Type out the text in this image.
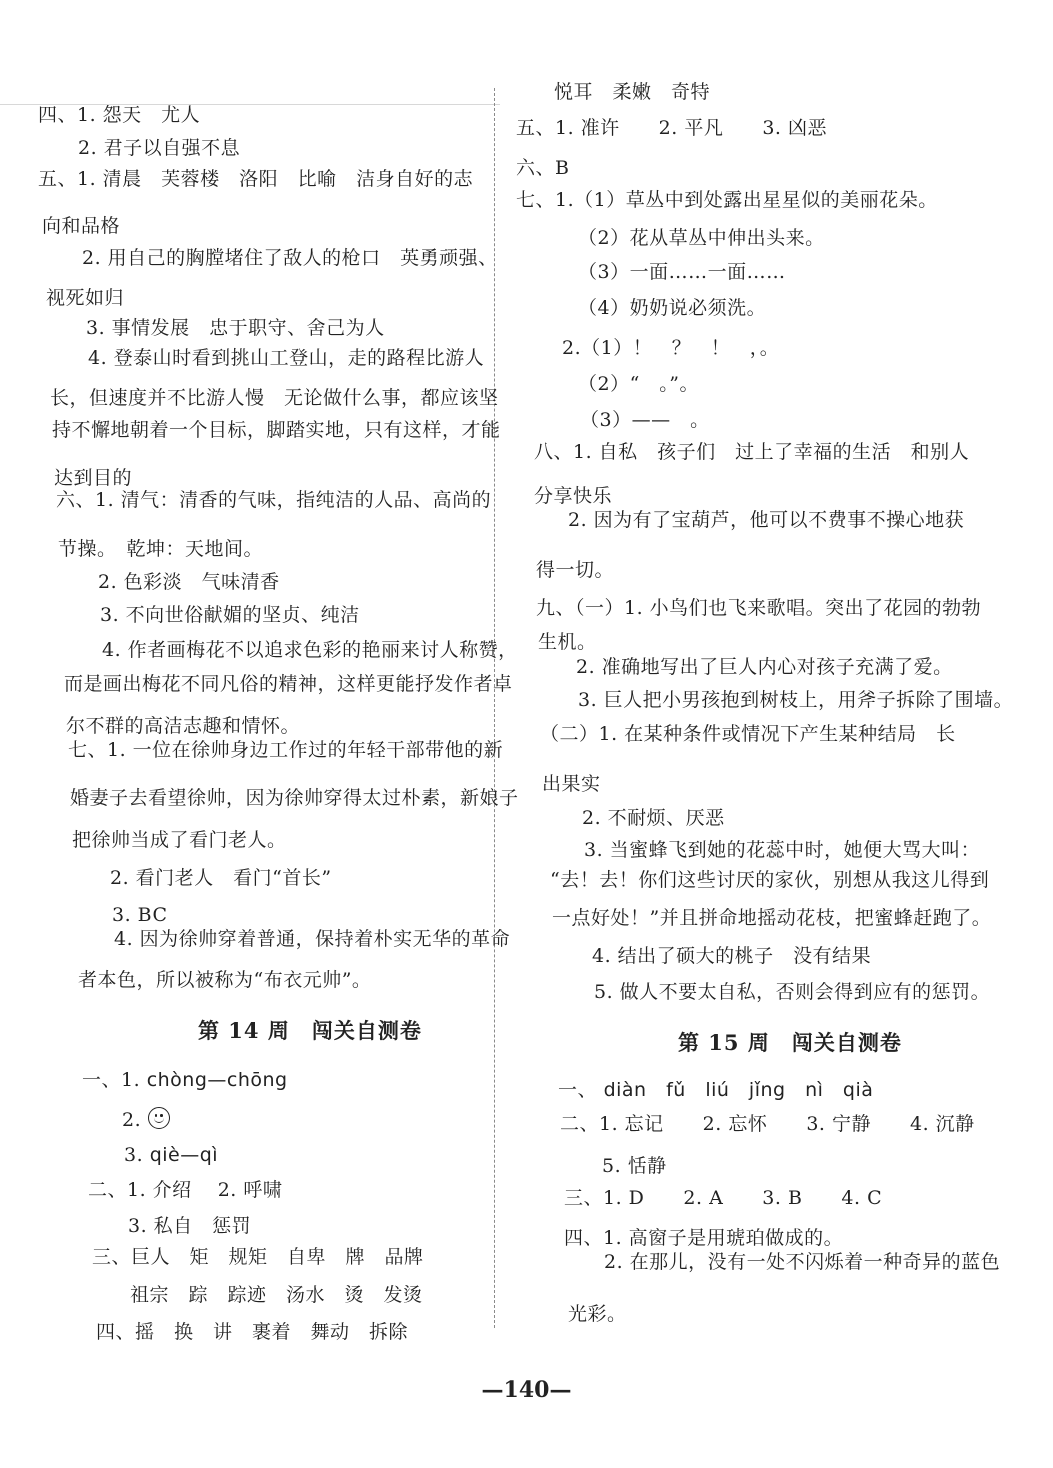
四、1. 怨天　尤人
2. 君子以自强不息
五、1. 清晨　芙蓉楼　洛阳　比喻　洁身自好的志
向和品格
2. 用自己的胸膛堵住了敌人的枪口　英勇顽强、
视死如归
3. 事情发展　忠于职守、舍己为人
4. 登泰山时看到挑山工登山，走的路程比游人
长，但速度并不比游人慢　无论做什么事，都应该坚
持不懈地朝着一个目标，脚踏实地，只有这样，才能
达到目的
六、1. 清气：清香的气味，指纯洁的人品、高尚的
节操。　乾坤：天地间。
2. 色彩淡　气味清香
3. 不向世俗献媚的坚贞、纯洁
4. 作者画梅花不以追求色彩的艳丽来讨人称赞，
而是画出梅花不同凡俗的精神，这样更能抒发作者卓
尔不群的高洁志趣和情怀。
七、1. 一位在徐帅身边工作过的年轻干部带他的新
婚妻子去看望徐帅，因为徐帅穿得太过朴素，新娘子
把徐帅当成了看门老人。
2. 看门老人　看门“首长”
3. BC
4. 因为徐帅穿着普通，保持着朴实无华的革命
者本色，所以被称为“布衣元帅”。
第 14 周　闯关自测卷
一、1. chòng—chōng
2.
3. qiè—qì
二、1. 介绍　 2. 呼啸
3. 私自　惩罚
三、巨人　矩　规矩　自卑　牌　品牌
祖宗　踪　踪迹　汤水　烫　发烫
四、摇　换　讲　裹着　舞动　拆除
悦耳　柔嫩　奇特
五、1. 准许　　2. 平凡　　3. 凶恶
六、B
七、1.（1）草丛中到处露出星星似的美丽花朵。
（2）花从草丛中伸出头来。
（3）一面……一面……
（4）奶奶说必须洗。
2.（1）！　？　！　，。
（2）“　。”。
（3）——　。
八、1. 自私　孩子们　过上了幸福的生活　和别人
分享快乐
2. 因为有了宝葫芦，他可以不费事不操心地获
得一切。
九、（一）1. 小鸟们也飞来歌唱。突出了花园的勃勃
生机。
2. 准确地写出了巨人内心对孩子充满了爱。
3. 巨人把小男孩抱到树枝上，用斧子拆除了围墙。
（二）1. 在某种条件或情况下产生某种结局　长
出果实
2. 不耐烦、厌恶
3. 当蜜蜂飞到她的花蕊中时，她便大骂大叫：
“去！去！你们这些讨厌的家伙，别想从我这儿得到
一点好处！”并且拼命地摇动花枝，把蜜蜂赶跑了。
4. 结出了硕大的桃子　没有结果
5. 做人不要太自私，否则会得到应有的惩罚。
第 15 周　闯关自测卷
一、 diàn　fǔ　liú　jǐng　nì　qià
二、1. 忘记　　2. 忘怀　　3. 宁静　　4. 沉静
5. 恬静
三、1. D　　2. A　　3. B　　4. C
四、1. 高窗子是用琥珀做成的。
2. 在那儿，没有一处不闪烁着一种奇异的蓝色
光彩。
—140—
